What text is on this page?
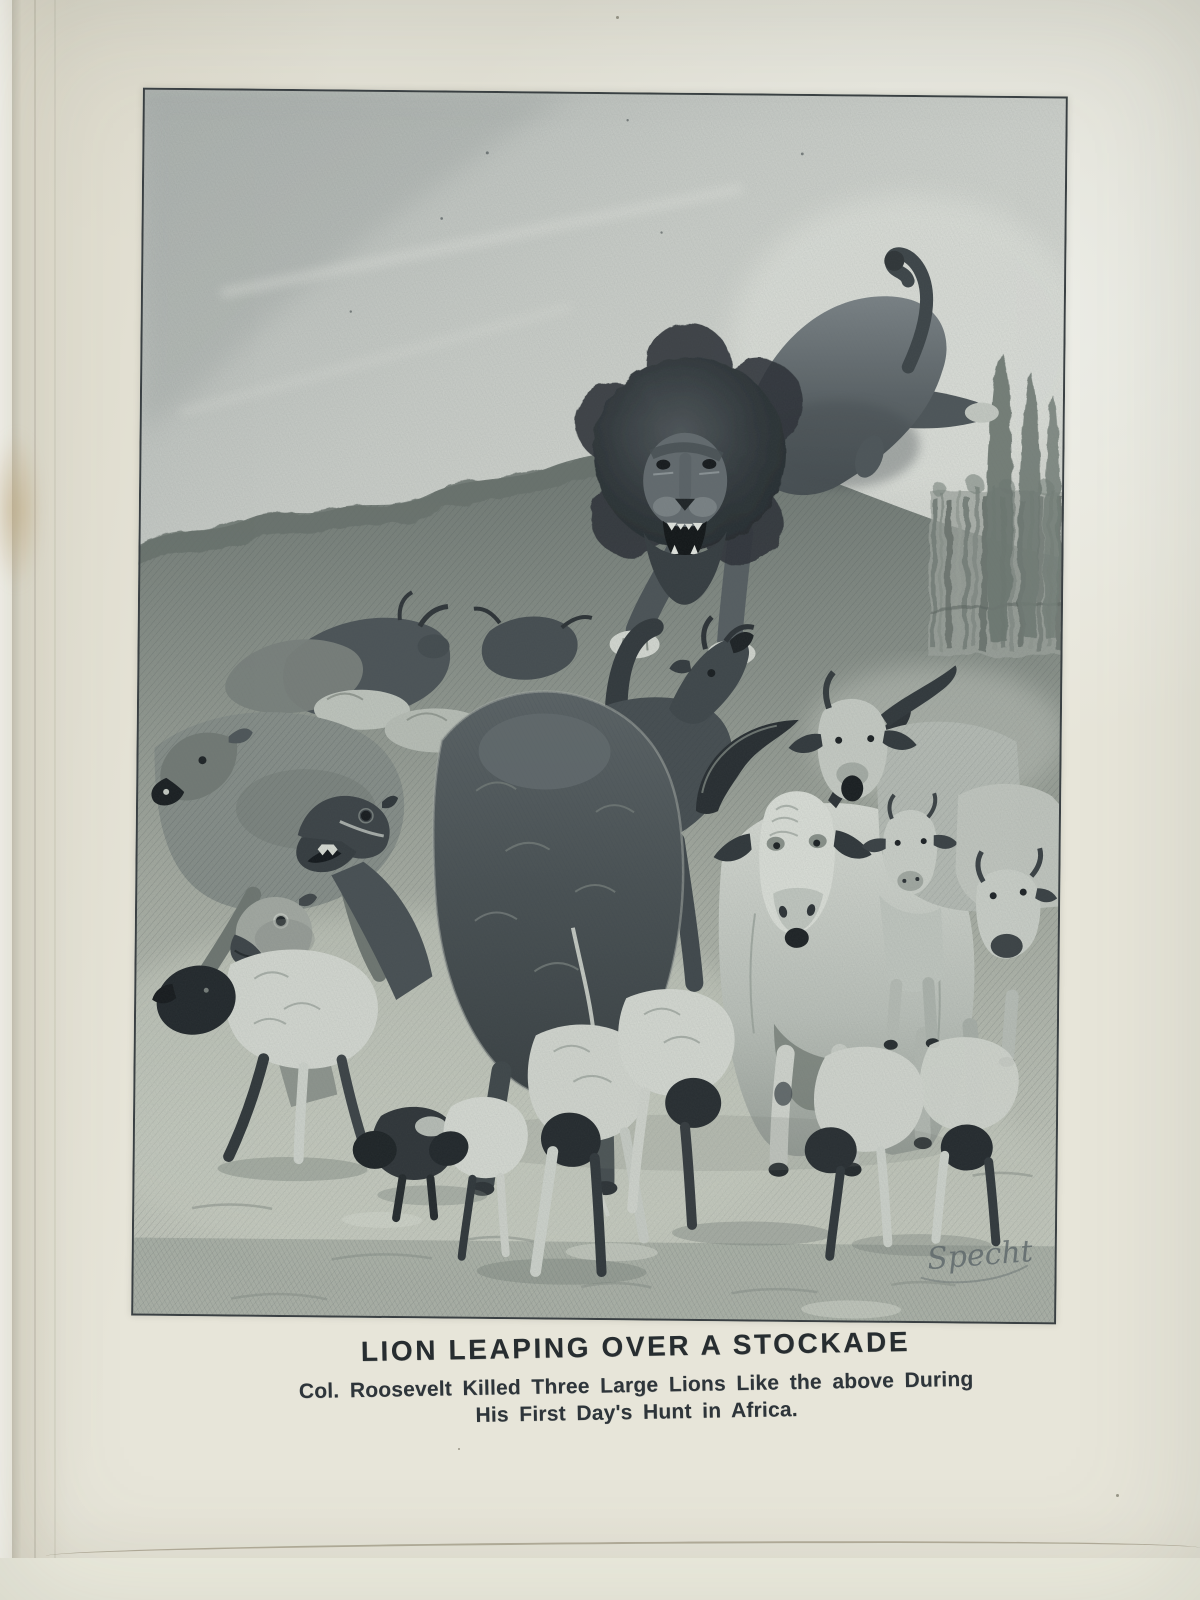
Specht
LION LEAPING OVER A STOCKADE
Col. Roosevelt Killed Three Large Lions Like the above During
His First Day's Hunt in Africa.
